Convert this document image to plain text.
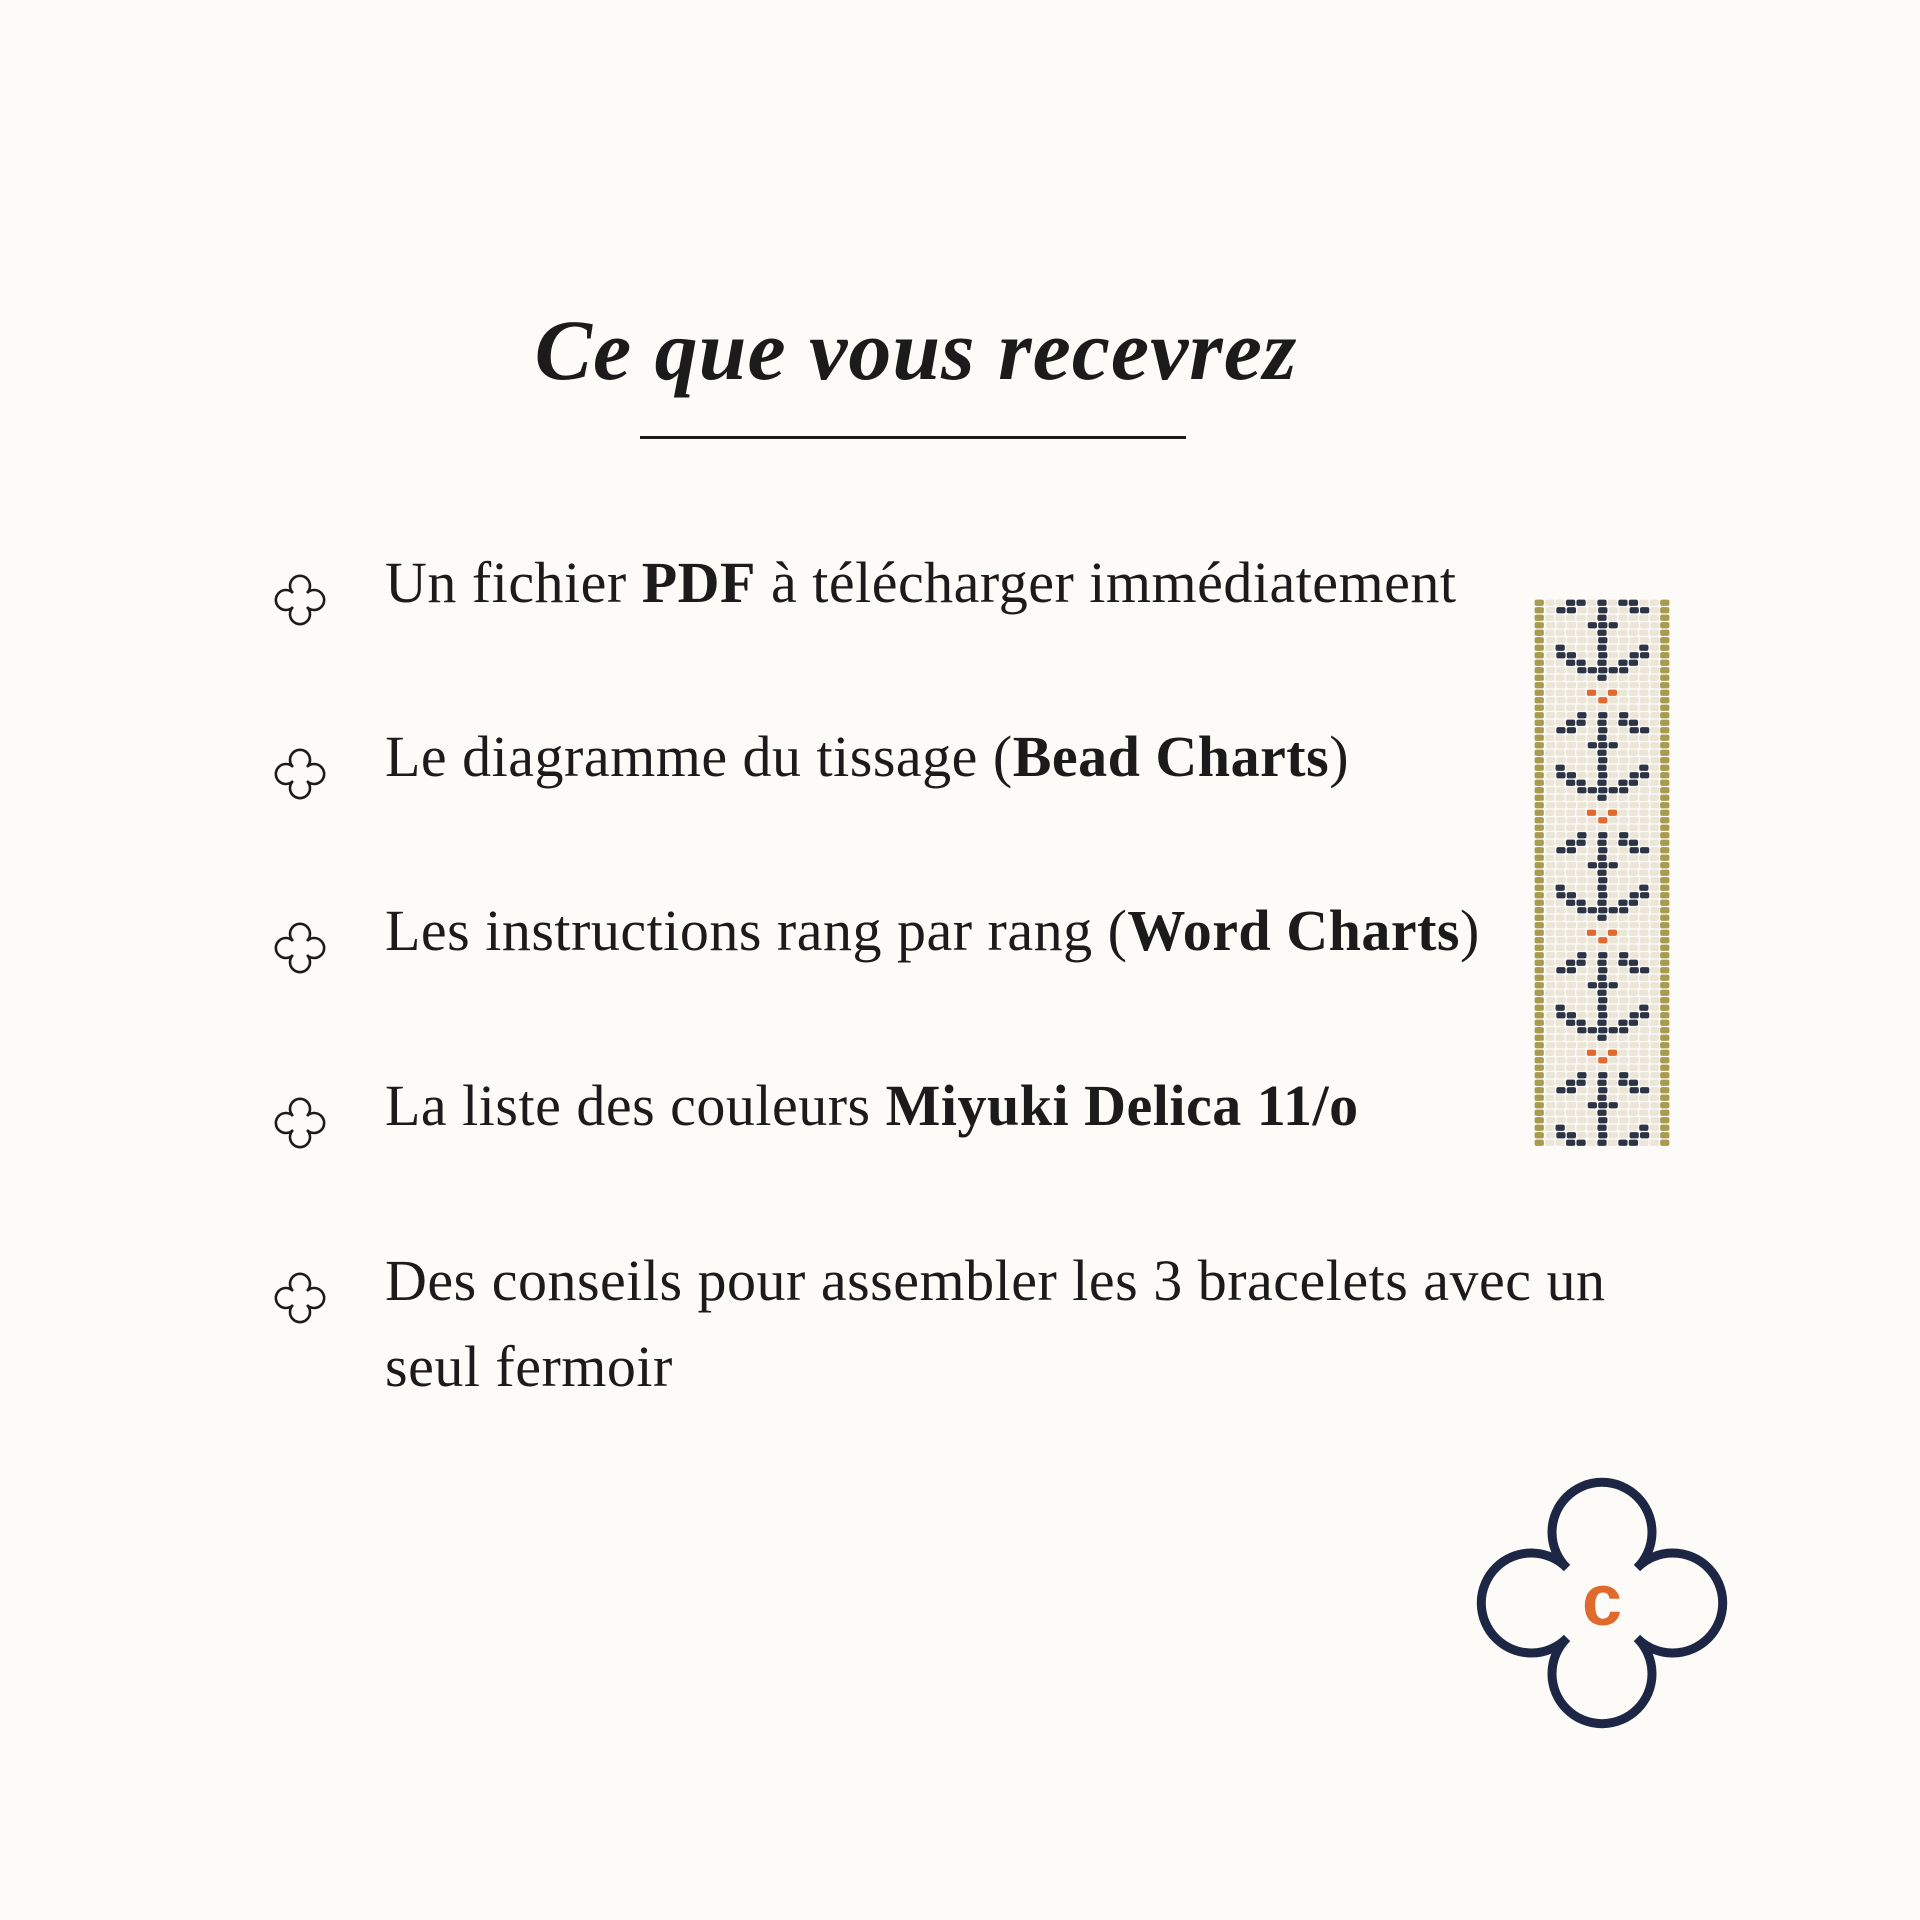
Ce que vous recevrez
Un fichier PDF à télécharger immédiatement
Le diagramme du tissage (Bead Charts)
Les instructions rang par rang (Word Charts)
La liste des couleurs Miyuki Delica 11/o
Des conseils pour assembler les 3 bracelets avec un seul fermoir
c
